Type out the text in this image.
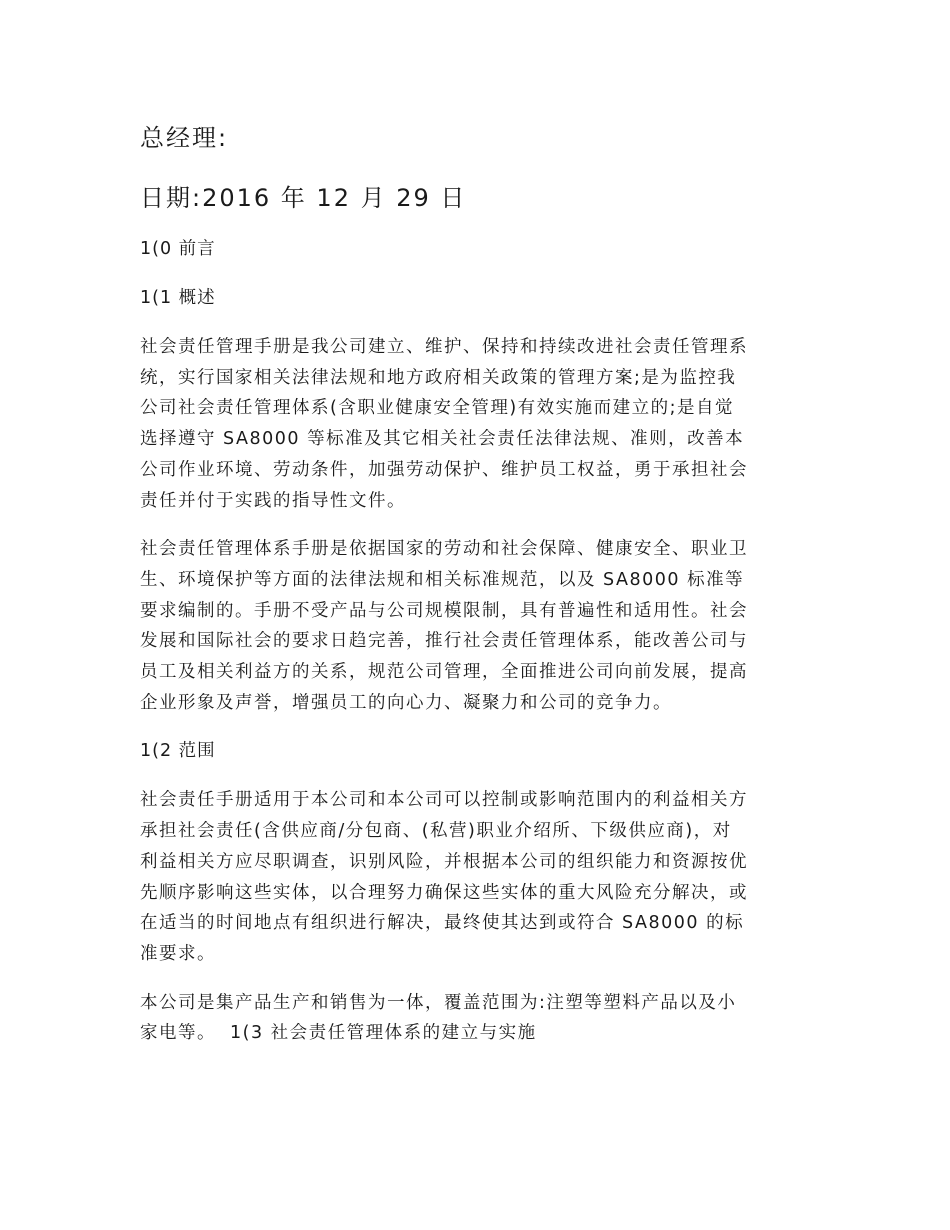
总经理:

日期:2016 年 12 月 29 日

1(0 前言

1(1 概述

社会责任管理手册是我公司建立、维护、保持和持续改进社会责任管理系
统，实行国家相关法律法规和地方政府相关政策的管理方案;是为监控我
公司社会责任管理体系(含职业健康安全管理)有效实施而建立的;是自觉
选择遵守 SA8000 等标准及其它相关社会责任法律法规、准则，改善本
公司作业环境、劳动条件，加强劳动保护、维护员工权益，勇于承担社会
责任并付于实践的指导性文件。

社会责任管理体系手册是依据国家的劳动和社会保障、健康安全、职业卫
生、环境保护等方面的法律法规和相关标准规范，以及 SA8000 标准等
要求编制的。手册不受产品与公司规模限制，具有普遍性和适用性。社会
发展和国际社会的要求日趋完善，推行社会责任管理体系，能改善公司与
员工及相关利益方的关系，规范公司管理，全面推进公司向前发展，提高
企业形象及声誉，增强员工的向心力、凝聚力和公司的竞争力。

1(2 范围

社会责任手册适用于本公司和本公司可以控制或影响范围内的利益相关方
承担社会责任(含供应商/分包商、(私营)职业介绍所、下级供应商)，对
利益相关方应尽职调查，识别风险，并根据本公司的组织能力和资源按优
先顺序影响这些实体，以合理努力确保这些实体的重大风险充分解决，或
在适当的时间地点有组织进行解决，最终使其达到或符合 SA8000 的标
准要求。

本公司是集产品生产和销售为一体，覆盖范围为:注塑等塑料产品以及小
家电等。 1(3 社会责任管理体系的建立与实施
